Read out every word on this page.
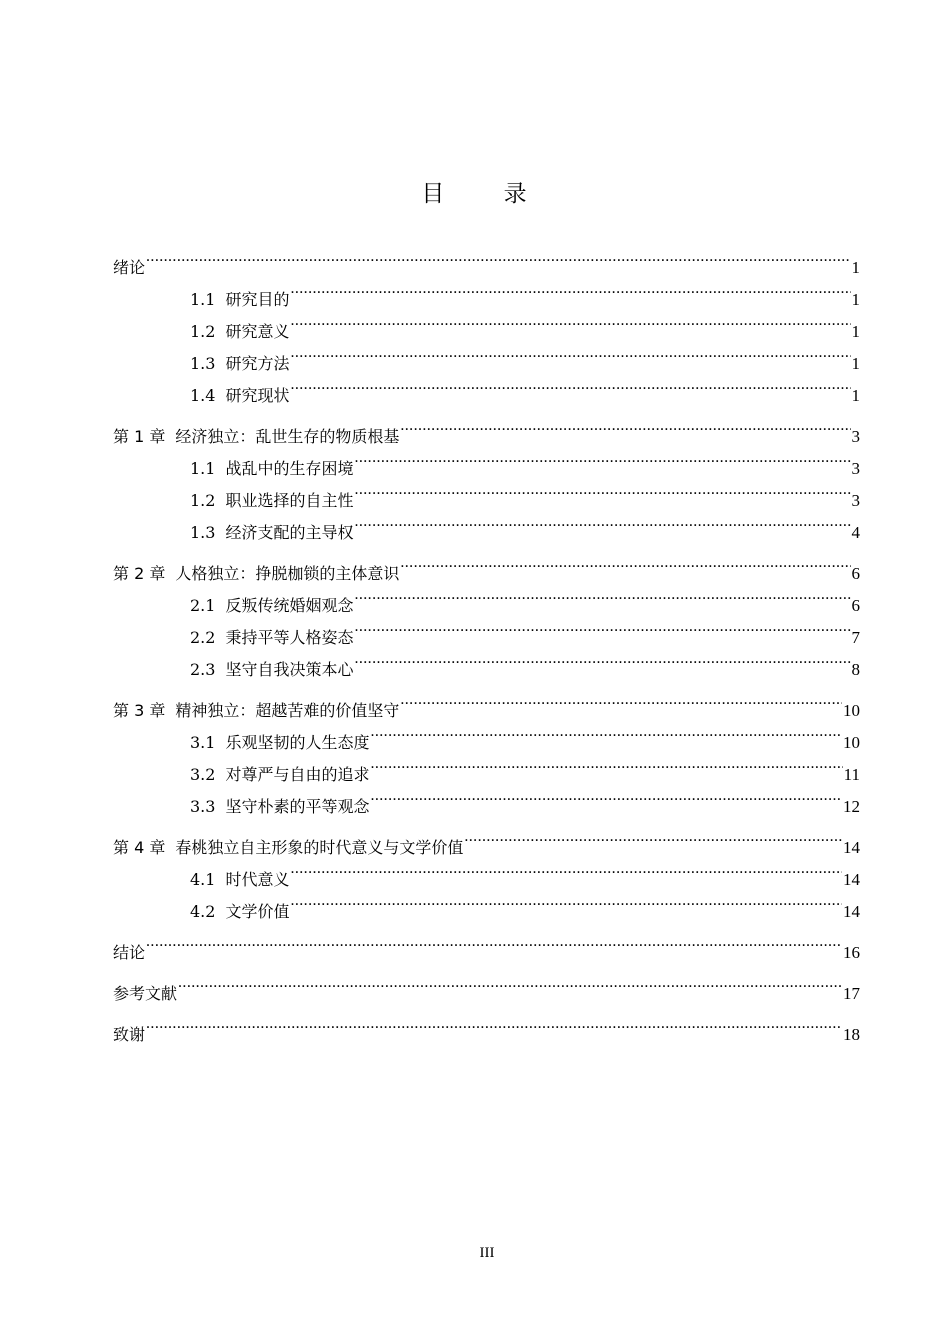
目 录
绪论 .....	1
1.1 研究目的 .....	1
1.2 研究意义 .....	1
1.3 研究方法 .....	1
1.4 研究现状 .....	1
第 1 章 经济独立：乱世生存的物质根基 .....	3
1.1 战乱中的生存困境 .....	3
1.2 职业选择的自主性 .....	3
1.3 经济支配的主导权 .....	4
第 2 章 人格独立：挣脱枷锁的主体意识 .....	6
2.1 反叛传统婚姻观念 .....	6
2.2 秉持平等人格姿态 .....	7
2.3 坚守自我决策本心 .....	8
第 3 章 精神独立：超越苦难的价值坚守 .....	10
3.1 乐观坚韧的人生态度 .....	10
3.2 对尊严与自由的追求 .....	11
3.3 坚守朴素的平等观念 .....	12
第 4 章 春桃独立自主形象的时代意义与文学价值 .....	14
4.1 时代意义 .....	14
4.2 文学价值 .....	14
结论 .....	16
参考文献 .....	17
致谢 .....	18
III
